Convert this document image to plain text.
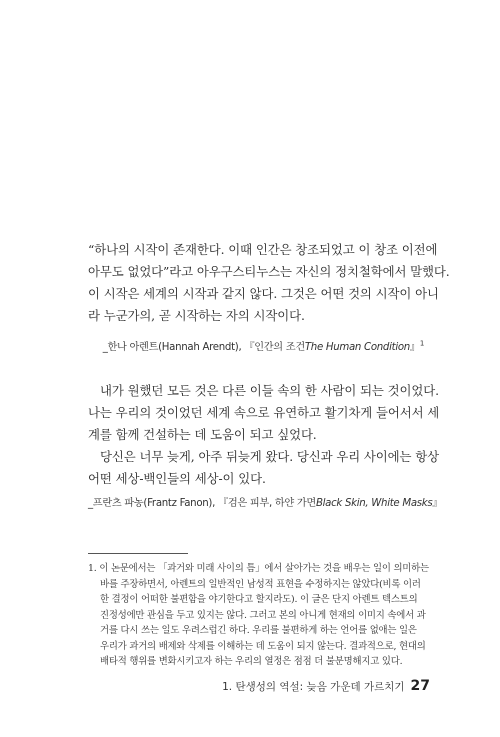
“하나의 시작이 존재한다. 이때 인간은 창조되었고 이 창조 이전에
아무도 없었다”라고 아우구스티누스는 자신의 정치철학에서 말했다.
이 시작은 세계의 시작과 같지 않다. 그것은 어떤 것의 시작이 아니
라 누군가의, 곧 시작하는 자의 시작이다.
_한나 아렌트(Hannah Arendt), 『인간의 조건The Human Condition』$^1$
내가 원했던 모든 것은 다른 이들 속의 한 사람이 되는 것이었다.
나는 우리의 것이었던 세계 속으로 유연하고 활기차게 들어서서 세
계를 함께 건설하는 데 도움이 되고 싶었다.
당신은 너무 늦게, 아주 뒤늦게 왔다. 당신과 우리 사이에는 항상
어떤 세상-백인들의 세상-이 있다.
_프란츠 파농(Frantz Fanon), 『검은 피부, 하얀 가면Black Skin, White Masks』
1. 이 논문에서는 「과거와 미래 사이의 틈」에서 살아가는 것을 배우는 일이 의미하는
바를 주장하면서, 아렌트의 일반적인 남성적 표현을 수정하지는 않았다(비록 이러
한 결정이 어떠한 불편함을 야기한다고 할지라도). 이 글은 단지 아렌트 텍스트의
진정성에만 관심을 두고 있지는 않다. 그러고 본의 아니게 현재의 이미지 속에서 과
거를 다시 쓰는 일도 우려스럽긴 하다. 우리를 불편하게 하는 언어를 없애는 일은
우리가 과거의 배제와 삭제를 이해하는 데 도움이 되지 않는다. 결과적으로, 현대의
배타적 행위를 변화시키고자 하는 우리의 열정은 점점 더 불분명해지고 있다.
1. 탄생성의 역설: 늦음 가운데 가르치기 27
